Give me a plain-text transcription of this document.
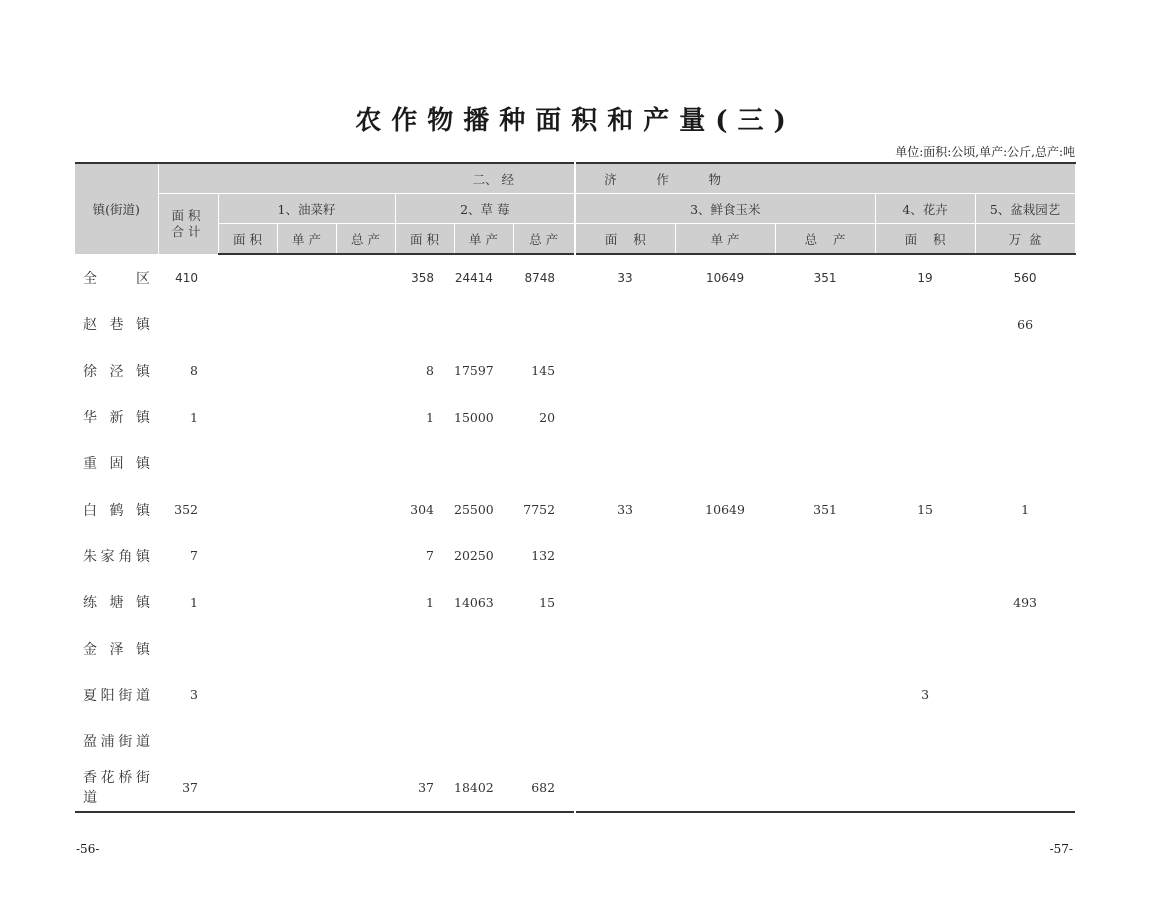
农作物播种面积和产量(三)
单位:面积:公顷,单产:公斤,总产:吨
镇(街道)	二、 经							济          作          物				
	面积合计	1、油菜籽			2、草 莓			3、鲜食玉米			4、花卉	5、盆栽园艺
		面 积	单 产	总 产	面 积	单 产	总 产	面    积	单 产	总    产	面    积	万  盆
全区	410				358	24414	8748	33	10649	351	19	560
赵巷镇												66
徐泾镇	8				8	17597	145					
华新镇	1				1	15000	20					
重固镇												
白鹤镇	352				304	25500	7752	33	10649	351	15	1
朱家角镇	7				7	20250	132					
练塘镇	1				1	14063	15					493
金泽镇												
夏阳街道	3										3	
盈浦街道												
香花桥街道	37				37	18402	682					
-56-	-57-
